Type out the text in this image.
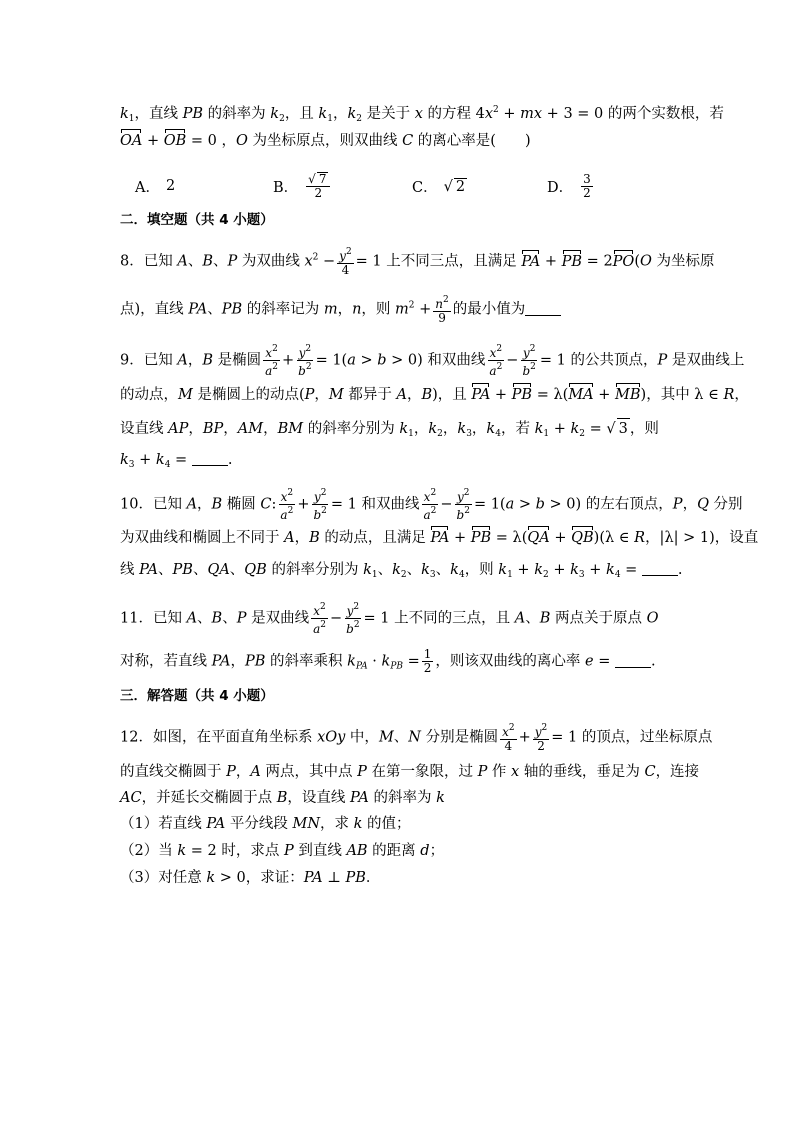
$k_1$，直线 PB 的斜率为 $k_2$，且 $k_1$，$k_2$ 是关于 x 的方程 $4x^2$ + mx + 3 = 0 的两个实数根，若
OA + OB = 0 ，O 为坐标原点，则双曲线 C 的离心率是(　　)
A． 2	B． $\frac{√ 7}{2}$	C． √ 2	D． $\frac{3}{2}$
二．填空题（共 4 小题）
8．已知 A、B、P 为双曲线 $x^2 - \frac{y^2}{4} = 1$ 上不同三点，且满足 PA + PB = 2PO(O 为坐标原
点)，直线 PA、PB 的斜率记为 m，n，则 $m^2 + \frac{n^2}{9}$ 的最小值为
9．已知 A，B 是椭圆 $\frac{x^2}{a^2} + \frac{y^2}{b^2} = 1(a > b > 0)$ 和双曲线 $\frac{x^2}{a^2} - \frac{y^2}{b^2} = 1$ 的公共顶点，P 是双曲线上
的动点，M 是椭圆上的动点(P，M 都异于 A，B)，且 PA + PB = λ(MA + MB)，其中 λ ∈ R，
设直线 AP，BP，AM，BM 的斜率分别为 $k_1$，$k_2$，$k_3$，$k_4$，若 $k_1 + k_2$ = √ 3 ，则
$k_3 + k_4$ = .
10．已知 A，B 椭圆 C: $\frac{x^2}{a^2} + \frac{y^2}{b^2} = 1$ 和双曲线 $\frac{x^2}{a^2} - \frac{y^2}{b^2} = 1(a > b > 0)$ 的左右顶点，P，Q 分别
为双曲线和椭圆上不同于 A，B 的动点，且满足 PA + PB = λ(QA + QB)(λ ∈ R，|λ| > 1)，设直
线 PA、PB、QA、QB 的斜率分别为 $k_1$、$k_2$、$k_3$、$k_4$，则 $k_1 + k_2 + k_3 + k_4$ = .
11．已知 A、B、P 是双曲线 $\frac{x^2}{a^2} - \frac{y^2}{b^2} = 1$ 上不同的三点，且 A、B 两点关于原点 O
对称，若直线 PA，PB 的斜率乘积 $k_{PA} \cdot k_{PB} = \frac{1}{2}$ ，则该双曲线的离心率 e = .
三．解答题（共 4 小题）
12．如图，在平面直角坐标系 xOy 中，M、N 分别是椭圆 $\frac{x^2}{4} + \frac{y^2}{2} = 1$ 的顶点，过坐标原点
的直线交椭圆于 P，A 两点，其中点 P 在第一象限，过 P 作 x 轴的垂线，垂足为 C，连接
AC，并延长交椭圆于点 B，设直线 PA 的斜率为 k
（1）若直线 PA 平分线段 MN，求 k 的值；
（2）当 k = 2 时，求点 P 到直线 AB 的距离 d；
（3）对任意 k > 0，求证：PA ⊥ PB．
